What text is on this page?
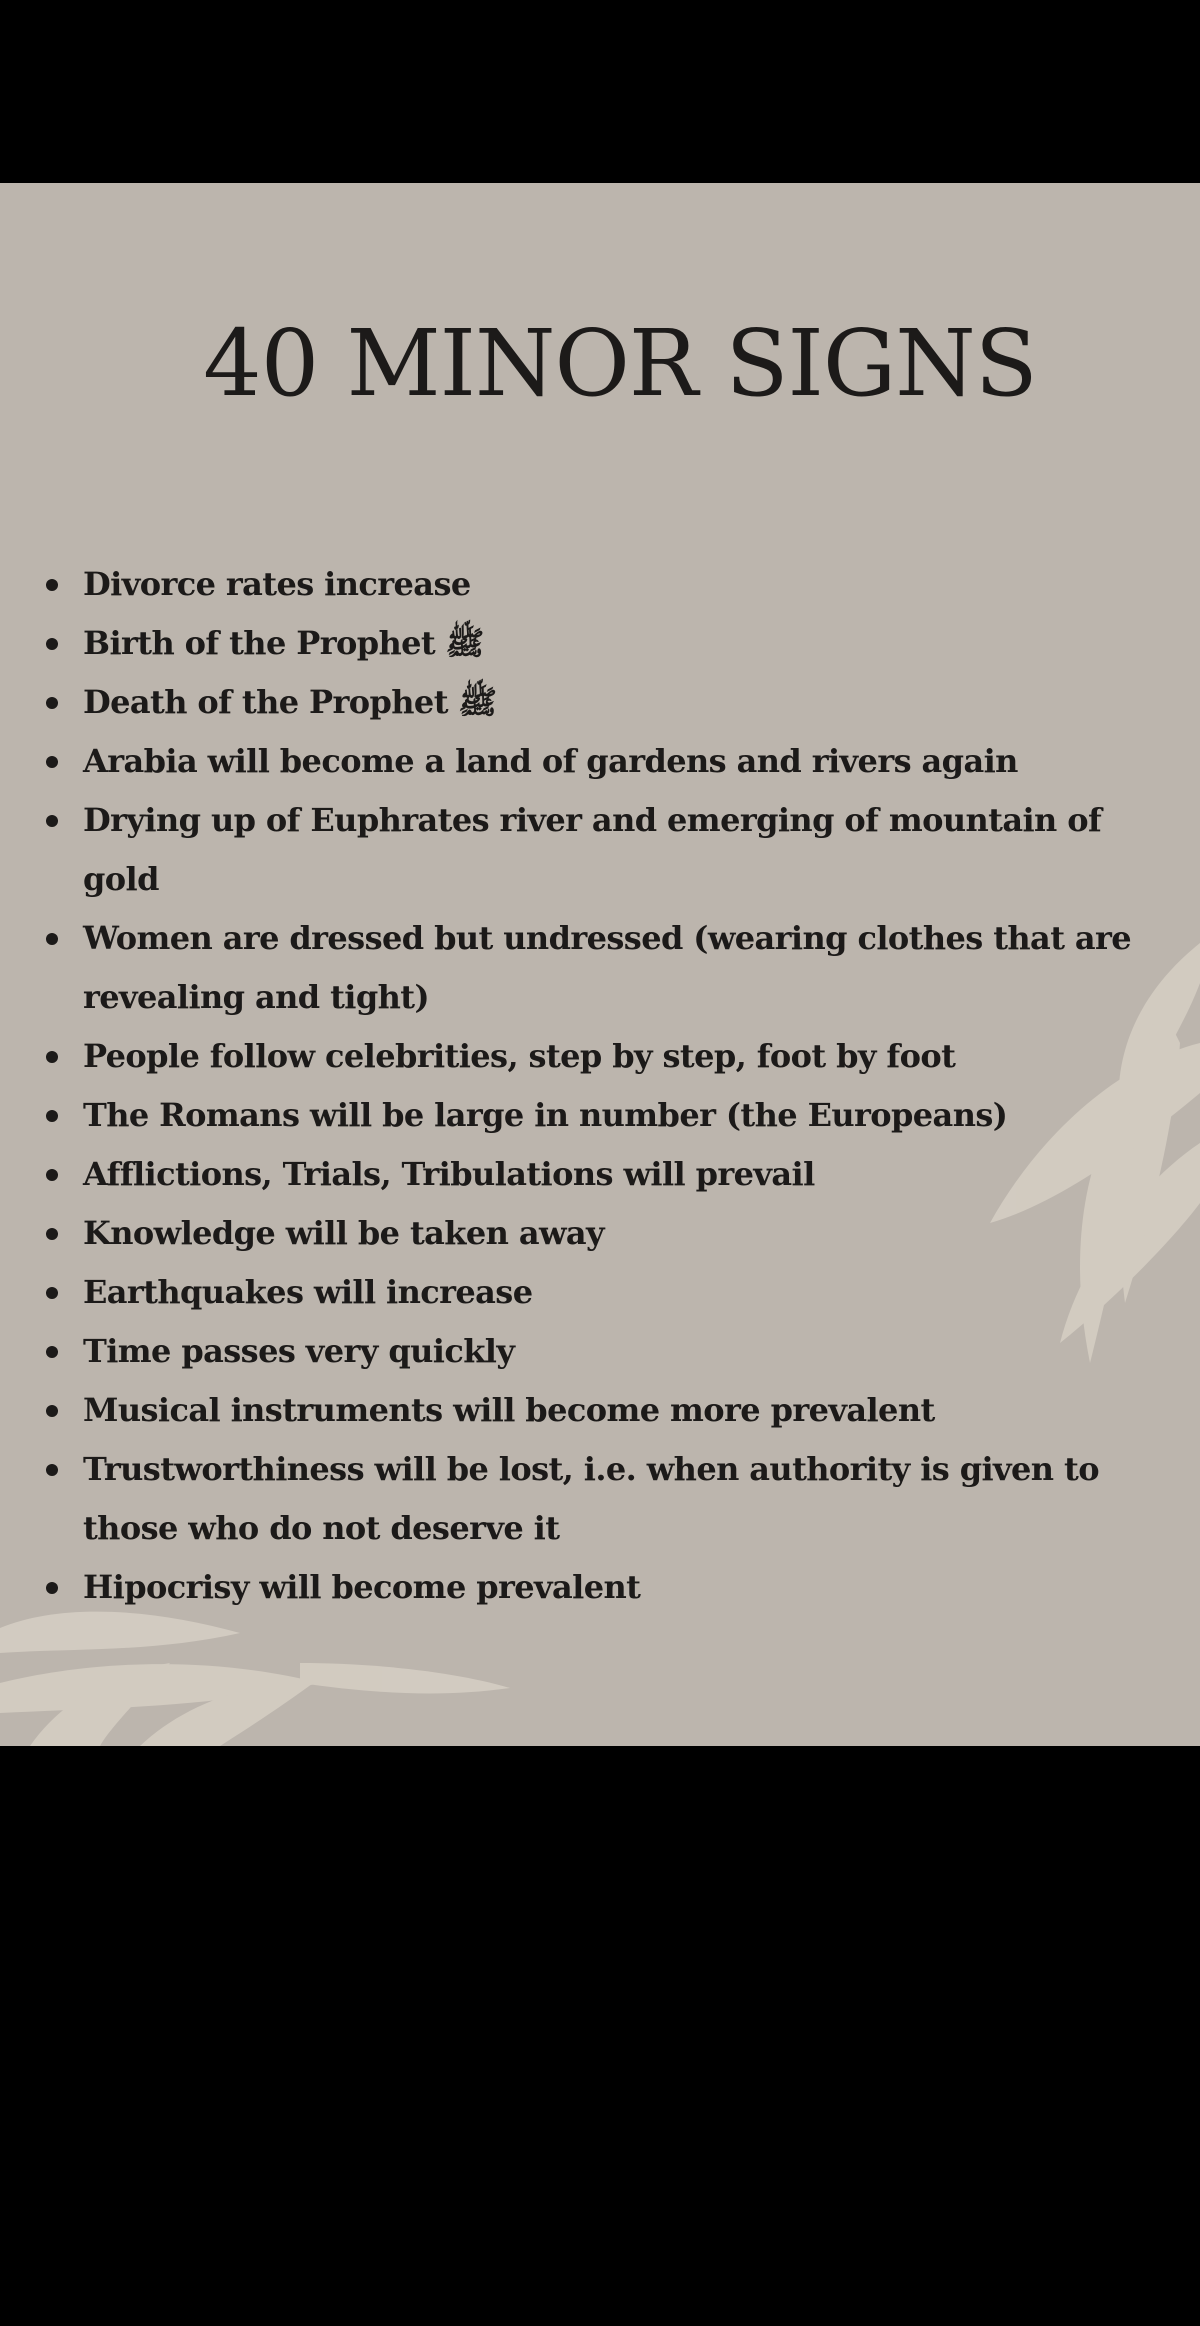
40 MINOR SIGNS
Divorce rates increase
Birth of the Prophet ﷺ
Death of the Prophet ﷺ
Arabia will become a land of gardens and rivers again
Drying up of Euphrates river and emerging of mountain of gold
Women are dressed but undressed (wearing clothes that are revealing and tight)
People follow celebrities, step by step, foot by foot
The Romans will be large in number (the Europeans)
Afflictions, Trials, Tribulations will prevail
Knowledge will be taken away
Earthquakes will increase
Time passes very quickly
Musical instruments will become more prevalent
Trustworthiness will be lost, i.e. when authority is given to those who do not deserve it
Hipocrisy will become prevalent
